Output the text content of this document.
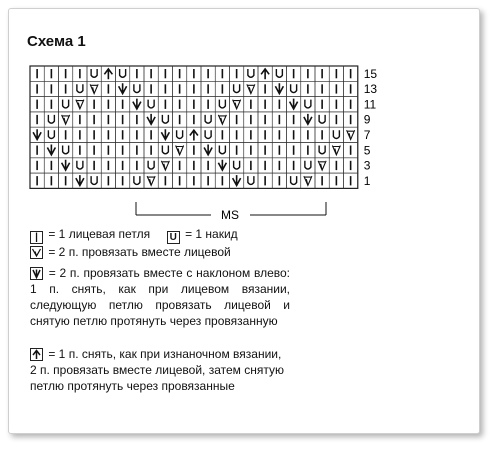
Схема 1
15
13
11
9
7
5
3
1
MS
| = 1 лицевая петля U = 1 накид
= 2 п. провязать вместе лицевой
= 2 п. провязать вместе с наклоном влево: 1 п. снять, как при лицевом вязании, следующую петлю провязать лицевой и снятую петлю протянуть через провязанную
= 1 п. снять, как при изнаночном вязании, 2 п. провязать вместе лицевой, затем снятую петлю протянуть через провязанные
